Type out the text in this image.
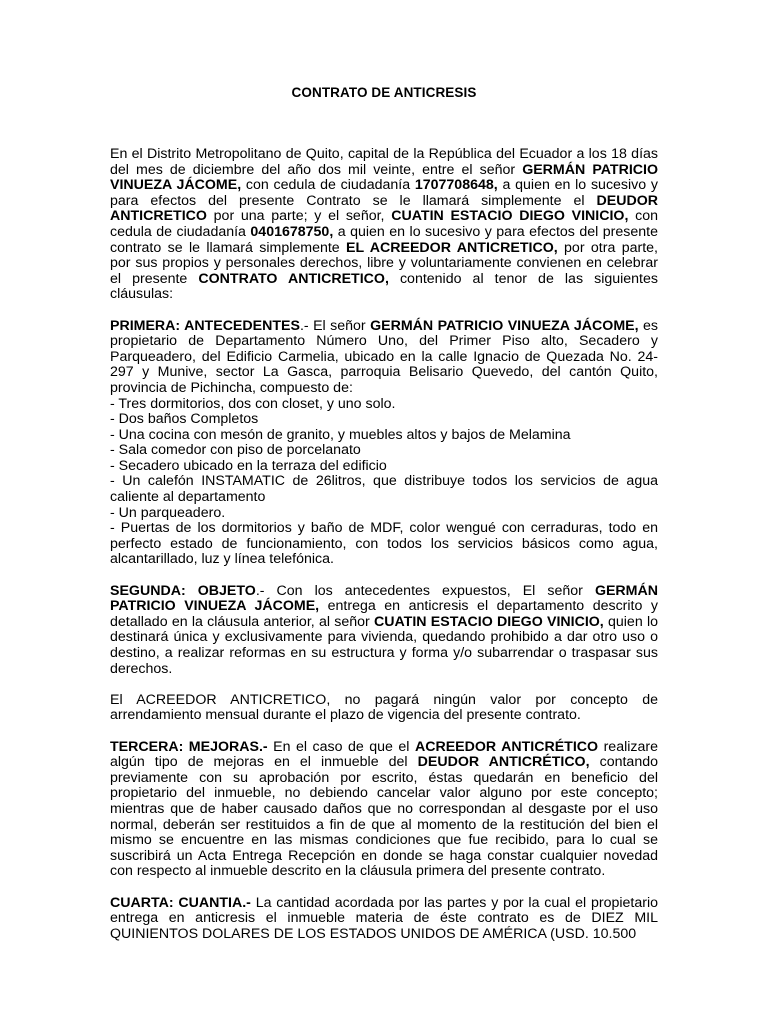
CONTRATO DE ANTICRESIS

En el Distrito Metropolitano de Quito, capital de la República del Ecuador a los 18 días del mes de diciembre del año dos mil veinte, entre el señor GERMÁN PATRICIO VINUEZA JÁCOME, con cedula de ciudadanía 1707708648, a quien en lo sucesivo y para efectos del presente Contrato se le llamará simplemente el DEUDOR ANTICRETICO por una parte; y el señor, CUATIN ESTACIO DIEGO VINICIO, con cedula de ciudadanía 0401678750, a quien en lo sucesivo y para efectos del presente contrato se le llamará simplemente EL ACREEDOR ANTICRETICO, por otra parte, por sus propios y personales derechos, libre y voluntariamente convienen en celebrar el presente CONTRATO ANTICRETICO, contenido al tenor de las siguientes cláusulas:

PRIMERA: ANTECEDENTES.- El señor GERMÁN PATRICIO VINUEZA JÁCOME, es propietario de Departamento Número Uno, del Primer Piso alto, Secadero y Parqueadero, del Edificio Carmelia, ubicado en la calle Ignacio de Quezada No. 24-297 y Munive, sector La Gasca, parroquia Belisario Quevedo, del cantón Quito, provincia de Pichincha, compuesto de:

- Tres dormitorios, dos con closet, y uno solo.
- Dos baños Completos
- Una cocina con mesón de granito, y muebles altos y bajos de Melamina
- Sala comedor con piso de porcelanato
- Secadero ubicado en la terraza del edificio
- Un calefón INSTAMATIC de 26litros, que distribuye todos los servicios de agua caliente al departamento
- Un parqueadero.
- Puertas de los dormitorios y baño de MDF, color wengué con cerraduras, todo en perfecto estado de funcionamiento, con todos los servicios básicos como agua, alcantarillado, luz y línea telefónica.

SEGUNDA: OBJETO.- Con los antecedentes expuestos, El señor GERMÁN PATRICIO VINUEZA JÁCOME, entrega en anticresis el departamento descrito y detallado en la cláusula anterior, al señor CUATIN ESTACIO DIEGO VINICIO, quien lo destinará única y exclusivamente para vivienda, quedando prohibido a dar otro uso o destino, a realizar reformas en su estructura y forma y/o subarrendar o traspasar sus derechos.

El ACREEDOR ANTICRETICO, no pagará ningún valor por concepto de arrendamiento mensual durante el plazo de vigencia del presente contrato.

TERCERA: MEJORAS.- En el caso de que el ACREEDOR ANTICRÉTICO realizare algún tipo de mejoras en el inmueble del DEUDOR ANTICRÉTICO, contando previamente con su aprobación por escrito, éstas quedarán en beneficio del propietario del inmueble, no debiendo cancelar valor alguno por este concepto; mientras que de haber causado daños que no correspondan al desgaste por el uso normal, deberán ser restituidos a fin de que al momento de la restitución del bien el mismo se encuentre en las mismas condiciones que fue recibido, para lo cual se suscribirá un Acta Entrega Recepción en donde se haga constar cualquier novedad con respecto al inmueble descrito en la cláusula primera del presente contrato.

CUARTA: CUANTIA.- La cantidad acordada por las partes y por la cual el propietario entrega en anticresis el inmueble materia de éste contrato es de DIEZ MIL QUINIENTOS DOLARES DE LOS ESTADOS UNIDOS DE AMÉRICA (USD. 10.500
